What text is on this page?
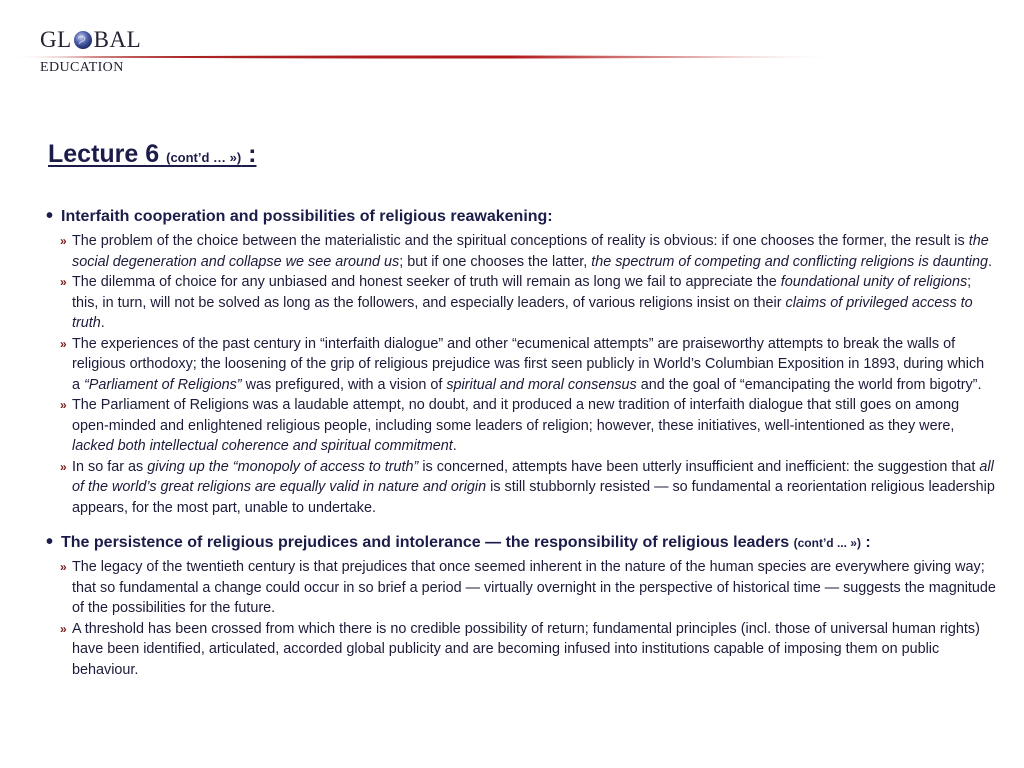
GL BAL
EDUCATION
Lecture 6 (cont’d … ») :
• Interfaith cooperation and possibilities of religious reawakening:
» The problem of the choice between the materialistic and the spiritual conceptions of reality is obvious: if one chooses the former, the result is the social degeneration and collapse we see around us; but if one chooses the latter, the spectrum of competing and conflicting religions is daunting.
» The dilemma of choice for any unbiased and honest seeker of truth will remain as long we fail to appreciate the foundational unity of religions; this, in turn, will not be solved as long as the followers, and especially leaders, of various religions insist on their claims of privileged access to truth.
» The experiences of the past century in “interfaith dialogue” and other “ecumenical attempts” are praiseworthy attempts to break the walls of religious orthodoxy; the loosening of the grip of religious prejudice was first seen publicly in World’s Columbian Exposition in 1893, during which a “Parliament of Religions” was prefigured, with a vision of spiritual and moral consensus and the goal of “emancipating the world from bigotry”.
» The Parliament of Religions was a laudable attempt, no doubt, and it produced a new tradition of interfaith dialogue that still goes on among open-minded and enlightened religious people, including some leaders of religion; however, these initiatives, well-intentioned as they were, lacked both intellectual coherence and spiritual commitment.
» In so far as giving up the “monopoly of access to truth” is concerned, attempts have been utterly insufficient and inefficient: the suggestion that all of the world’s great religions are equally valid in nature and origin is still stubbornly resisted — so fundamental a reorientation religious leadership appears, for the most part, unable to undertake.
• The persistence of religious prejudices and intolerance — the responsibility of religious leaders (cont’d ... ») :
» The legacy of the twentieth century is that prejudices that once seemed inherent in the nature of the human species are everywhere giving way; that so fundamental a change could occur in so brief a period — virtually overnight in the perspective of historical time — suggests the magnitude of the possibilities for the future.
» A threshold has been crossed from which there is no credible possibility of return; fundamental principles (incl. those of universal human rights) have been identified, articulated, accorded global publicity and are becoming infused into institutions capable of imposing them on public behaviour.
